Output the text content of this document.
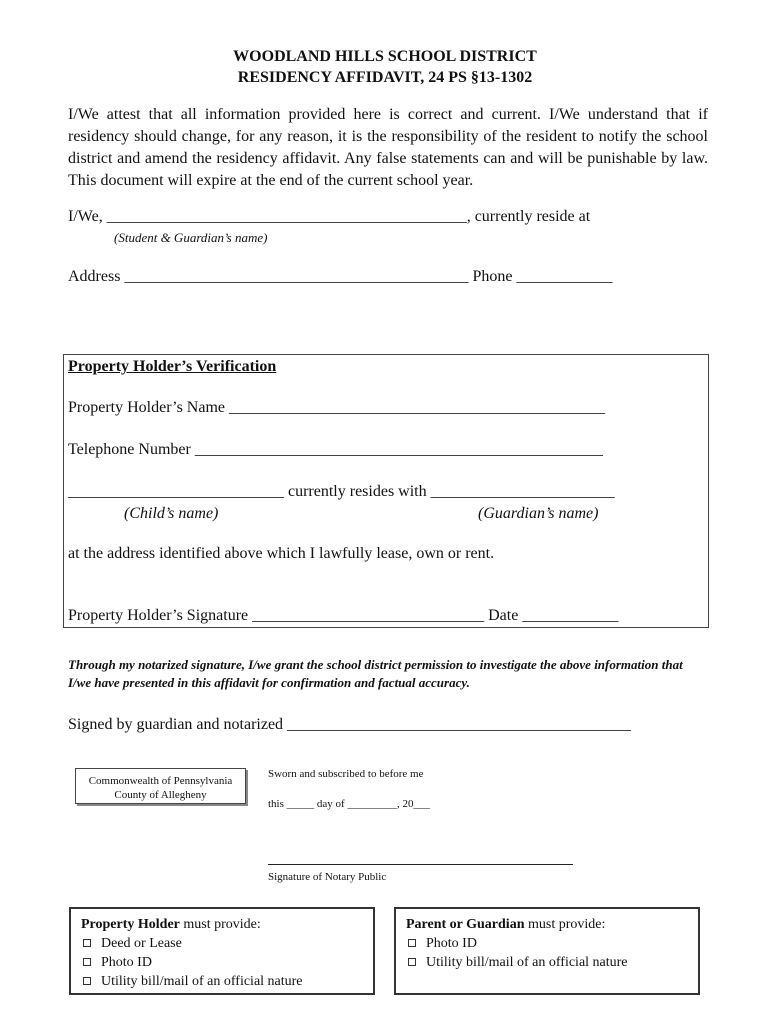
WOODLAND HILLS SCHOOL DISTRICT
RESIDENCY AFFIDAVIT, 24 PS §13-1302
I/We attest that all information provided here is correct and current. I/We understand that if residency should change, for any reason, it is the responsibility of the resident to notify the school district and amend the residency affidavit. Any false statements can and will be punishable by law. This document will expire at the end of the current school year.
I/We, _____________________________________________, currently reside at
(Student & Guardian’s name)
Address ___________________________________________ Phone ____________
Property Holder’s Verification
Property Holder’s Name _______________________________________________
Telephone Number ___________________________________________________
___________________________ currently resides with _______________________
(Child’s name)	(Guardian’s name)
at the address identified above which I lawfully lease, own or rent.
Property Holder’s Signature _____________________________ Date ____________
Through my notarized signature, I/we grant the school district permission to investigate the above information that I/we have presented in this affidavit for confirmation and factual accuracy.
Signed by guardian and notarized ___________________________________________
Commonwealth of Pennsylvania
County of Allegheny
Sworn and subscribed to before me
this _____ day of _________, 20___
Signature of Notary Public
Property Holder must provide:
Deed or Lease
Photo ID
Utility bill/mail of an official nature
Parent or Guardian must provide:
Photo ID
Utility bill/mail of an official nature
